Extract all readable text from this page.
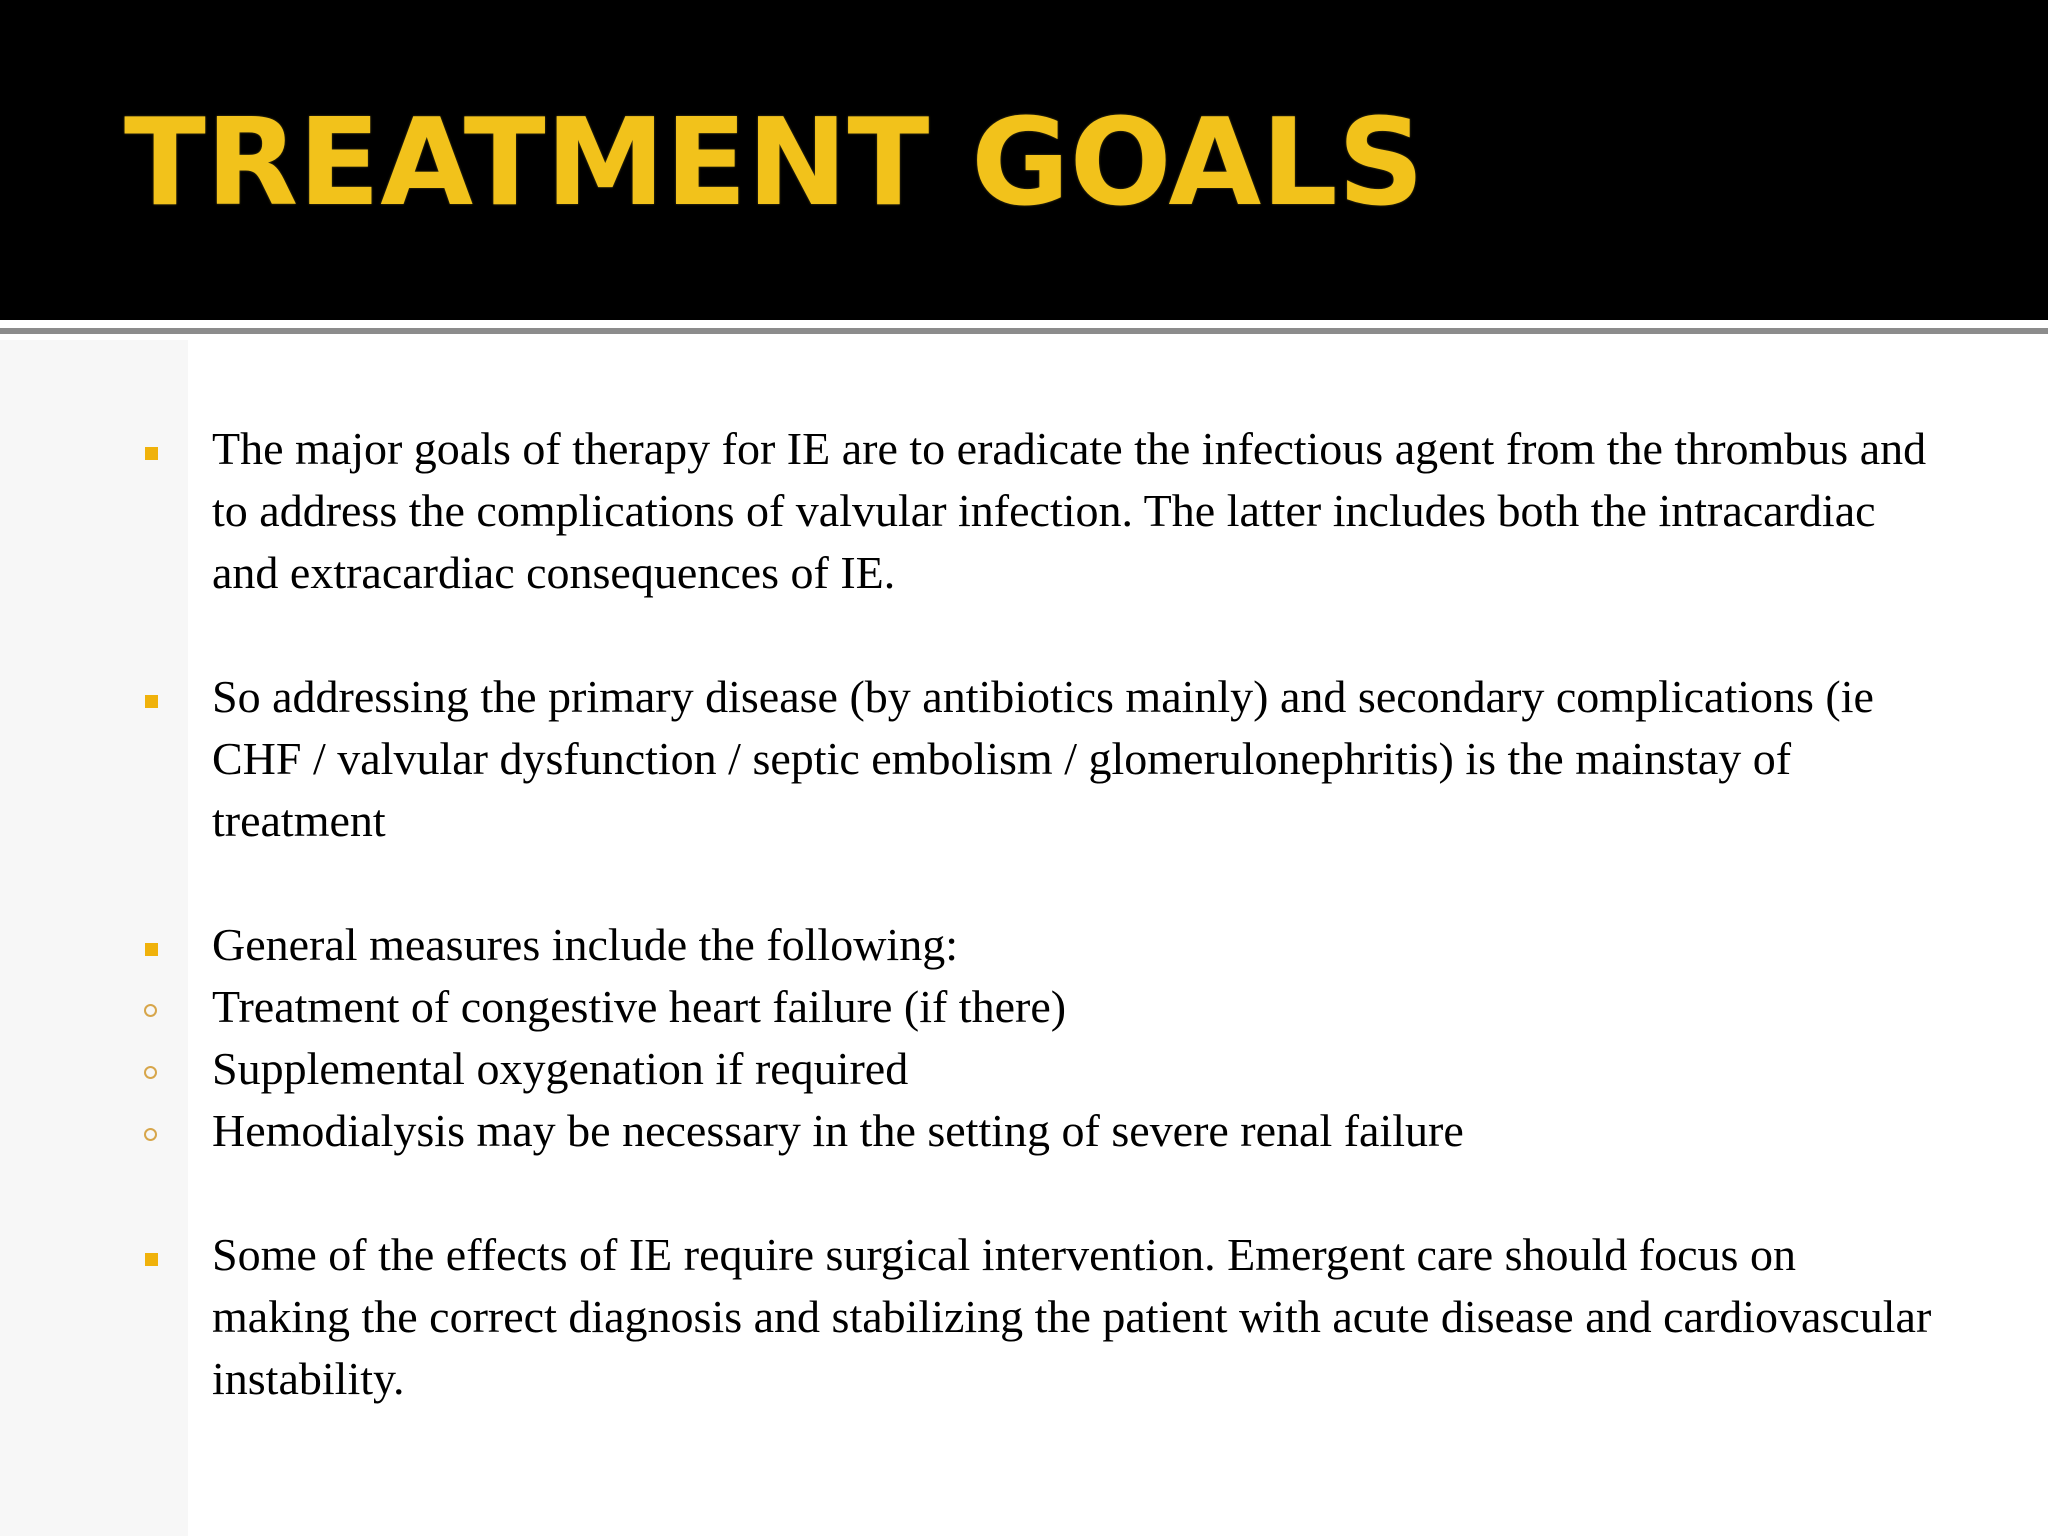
TREATMENT GOALS
The major goals of therapy for IE are to eradicate the infectious agent from the thrombus and to address the complications of valvular infection. The latter includes both the intracardiac and extracardiac consequences of IE.
So addressing the primary disease (by antibiotics mainly) and secondary complications (ie CHF / valvular dysfunction / septic embolism / glomerulonephritis) is the mainstay of treatment
General measures include the following:
Treatment of congestive heart failure (if there)
Supplemental oxygenation if required
Hemodialysis may be necessary in the setting of severe renal failure
Some of the effects of IE require surgical intervention. Emergent care should focus on making the correct diagnosis and stabilizing the patient with acute disease and cardiovascular instability.
